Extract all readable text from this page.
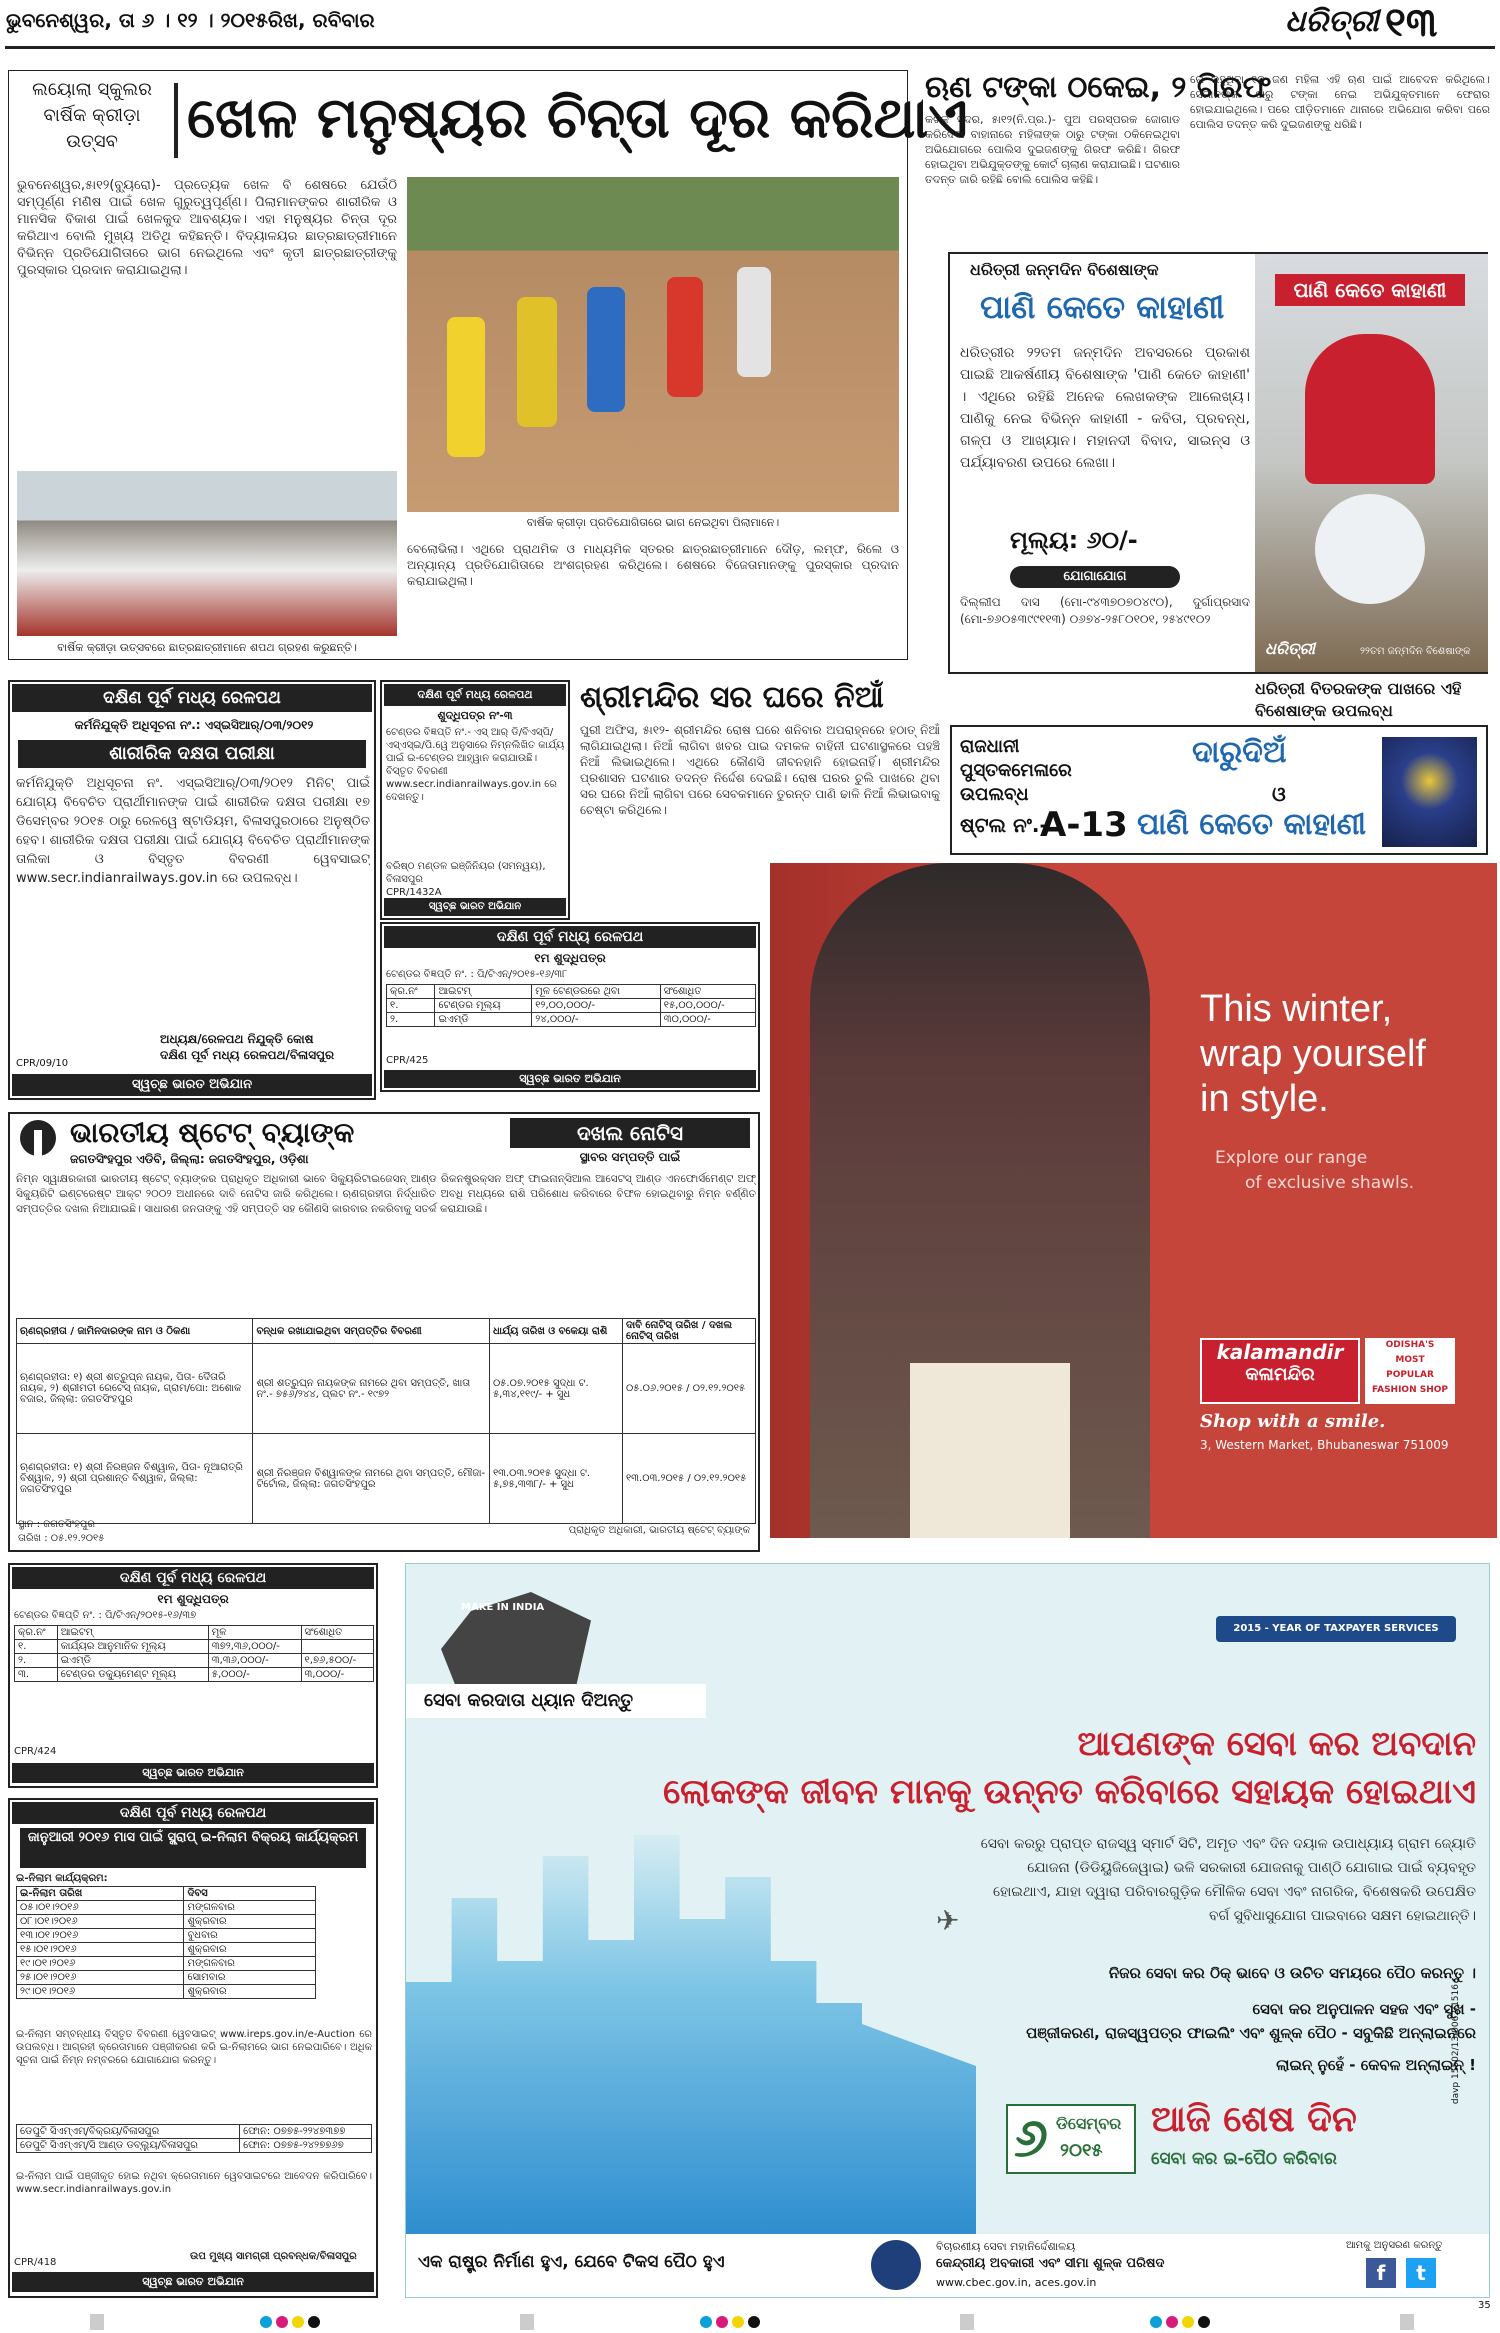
ଭୁବନେଶ୍ୱର, ତା ୬ । ୧୨ । ୨୦୧୫ରିଖ, ରବିବାର	ଧରିତ୍ରୀ ୧୩
ଲୟୋଲା ସ୍କୁଲର ବାର୍ଷିକ କ୍ରୀଡ଼ା ଉତ୍ସବ	ଖେଳ ମନୁଷ୍ୟର ଚିନ୍ତା ଦୂର କରିଥାଏ
ଭୁବନେଶ୍ୱର,୫ା୧୨(ବ୍ୟୁରୋ)- ପ୍ରତ୍ୟେକ ଖେଳ ବି ଶେଷରେ ଯେଉଁଠି ସମ୍ପୂର୍ଣ୍ଣ ମଣିଷ ପାଇଁ ଖେଳ ଗୁରୁତ୍ୱପୂର୍ଣ୍ଣ। ପିଲାମାନଙ୍କର ଶାରୀରିକ ଓ ମାନସିକ ବିକାଶ ପାଇଁ ଖେଳକୁଦ ଆବଶ୍ୟକ। ଏହା ମନୁଷ୍ୟର ଚିନ୍ତା ଦୂର କରିଥାଏ ବୋଲି ମୁଖ୍ୟ ଅତିଥି କହିଛନ୍ତି। ବିଦ୍ୟାଳୟର ଛାତ୍ରଛାତ୍ରୀମାନେ ବିଭିନ୍ନ ପ୍ରତିଯୋଗିତାରେ ଭାଗ ନେଇଥିଲେ ଏବଂ କୃତୀ ଛାତ୍ରଛାତ୍ରୀଙ୍କୁ ପୁରସ୍କାର ପ୍ରଦାନ କରାଯାଇଥିଲା।
ବାର୍ଷିକ କ୍ରୀଡ଼ା ପ୍ରତିଯୋଗିତାରେ ଭାଗ ନେଇଥିବା ପିଲାମାନେ।
ବାର୍ଷିକ କ୍ରୀଡ଼ା ଉତ୍ସବରେ ଛାତ୍ରଛାତ୍ରୀମାନେ ଶପଥ ଗ୍ରହଣ କରୁଛନ୍ତି।
ବେଲୋଭିଲା। ଏଥିରେ ପ୍ରାଥମିକ ଓ ମାଧ୍ୟମିକ ସ୍ତରର ଛାତ୍ରଛାତ୍ରୀମାନେ ଦୌଡ଼, ଲମ୍ଫ, ରିଲେ ଓ ଅନ୍ୟାନ୍ୟ ପ୍ରତିଯୋଗିତାରେ ଅଂଶଗ୍ରହଣ କରିଥିଲେ। ଶେଷରେ ବିଜେତାମାନଙ୍କୁ ପୁରସ୍କାର ପ୍ରଦାନ କରାଯାଇଥିଲା।
ଋଣ ଟଙ୍କା ଠକେଇ, ୨ ଗିରଫ
କଟକ ସଦର, ୫ା୧୨(ନି.ପ୍ର.)- ପୁଅ ପରସ୍ପରକ ଜୋଗାଡ କରିଦେବା ବାହାନାରେ ମହିଳାଙ୍କ ଠାରୁ ଟଙ୍କା ଠକିନେଇଥିବା ଅଭିଯୋଗରେ ପୋଲିସ ଦୁଇଜଣଙ୍କୁ ଗିରଫ କରିଛି। ଗିରଫ ହୋଇଥିବା ଅଭିଯୁକ୍ତଙ୍କୁ କୋର୍ଟ ଚାଲାଣ କରାଯାଇଛି। ଘଟଣାର ତଦନ୍ତ ଜାରି ରହିଛି ବୋଲି ପୋଲିସ କହିଛି।
ରେ ରହୁଥିବା ୧୦ ଜଣ ମହିଳା ଏହି ଋଣ ପାଇଁ ଆବେଦନ କରିଥିଲେ। ସେମାନଙ୍କ ଠାରୁ ଟଙ୍କା ନେଇ ଅଭିଯୁକ୍ତମାନେ ଫେରାର ହୋଇଯାଇଥିଲେ। ପରେ ପୀଡ଼ିତମାନେ ଥାନାରେ ଅଭିଯୋଗ କରିବା ପରେ ପୋଲିସ ତଦନ୍ତ କରି ଦୁଇଜଣଙ୍କୁ ଧରିଛି।
ଧରିତ୍ରୀ ଜନ୍ମଦିନ ବିଶେଷାଙ୍କ
ପାଣି କେତେ କାହାଣୀ
ଧରିତ୍ରୀର ୨୨ତମ ଜନ୍ମଦିନ ଅବସରରେ ପ୍ରକାଶ ପାଇଛି ଆକର୍ଷଣୀୟ ବିଶେଷାଙ୍କ 'ପାଣି କେତେ କାହାଣୀ' । ଏଥିରେ ରହିଛି ଅନେକ ଲେଖକଙ୍କ ଆଲେଖ୍ୟ। ପାଣିକୁ ନେଇ ବିଭିନ୍ନ କାହାଣୀ - କବିତା, ପ୍ରବନ୍ଧ, ଗଳ୍ପ ଓ ଆଖ୍ୟାନ। ମହାନଦୀ ବିବାଦ, ସାଇନ୍ସ ଓ ପର୍ଯ୍ୟାବରଣ ଉପରେ ଲେଖା।
ମୂଲ୍ୟ: ୬୦/-
ଯୋଗାଯୋଗ
ଦିଲ୍ଲୀପ ଦାସ (ମୋ-୯୪୩୭୦୭୦୪୯୦), ଦୁର୍ଗାପ୍ରସାଦ (ମୋ-୭୬୦୫୩୯୯୧୧୩) ୦୬୭୪-୨୫୮୦୧୦୧, ୨୫୪୯୧୦୨
ପାଣି କେତେ କାହାଣୀ
ଧରିତ୍ରୀ	୨୨ତମ ଜନ୍ମଦିନ ବିଶେଷାଙ୍କ
ଧରିତ୍ରୀ ବିତରକଙ୍କ ପାଖରେ ଏହି ବିଶେଷାଙ୍କ ଉପଲବ୍ଧ
ରାଜଧାନୀ ପୁସ୍ତକମେଳାରେ ଉପଲବ୍ଧ
ଷ୍ଟଲ ନଂ.-
A-13
ଦାରୁଦିଅଁ
ଓ
ପାଣି କେତେ କାହାଣୀ
ଦକ୍ଷିଣ ପୂର୍ବ ମଧ୍ୟ ରେଳପଥ
କର୍ମନିଯୁକ୍ତି ଅଧିସୂଚନା ନଂ.: ଏସ୍‌ଇସିଆର୍/୦୩/୨୦୧୨
ଶାରୀରିକ ଦକ୍ଷତା ପରୀକ୍ଷା
କର୍ମନିଯୁକ୍ତି ଅଧିସୂଚନା ନଂ. ଏସ୍‌ଇସିଆର୍/୦୩/୨୦୧୨ ମିନିଟ୍ ପାଇଁ ଯୋଗ୍ୟ ବିବେଚିତ ପ୍ରାର୍ଥୀମାନଙ୍କ ପାଇଁ ଶାରୀରିକ ଦକ୍ଷତା ପରୀକ୍ଷା ୧୭ ଡିସେମ୍ବର ୨୦୧୫ ଠାରୁ ରେଳୱେ ଷ୍ଟାଡିୟମ, ବିଳାସପୁରଠାରେ ଅନୁଷ୍ଠିତ ହେବ। ଶାରୀରିକ ଦକ୍ଷତା ପରୀକ୍ଷା ପାଇଁ ଯୋଗ୍ୟ ବିବେଚିତ ପ୍ରାର୍ଥୀମାନଙ୍କ ତାଲିକା ଓ ବିସ୍ତୃତ ବିବରଣୀ ୱେବସାଇଟ୍ www.secr.indianrailways.gov.in ରେ ଉପଲବ୍ଧ।
ଅଧ୍ୟକ୍ଷ/ରେଳପଥ ନିଯୁକ୍ତି କୋଷ
ଦକ୍ଷିଣ ପୂର୍ବ ମଧ୍ୟ ରେଳପଥ/ବିଳାସପୁର
CPR/09/10
ସ୍ୱଚ୍ଛ ଭାରତ ଅଭିଯାନ
ଦକ୍ଷିଣ ପୂର୍ବ ମଧ୍ୟ ରେଳପଥ
ଶୁଦ୍ଧିପତ୍ର ନଂ-୩
ଟେଣ୍ଡର ବିଜ୍ଞପ୍ତି ନଂ.- ଏସ୍ ଆର୍ ଡି/ବିଏସ୍‌ପି/ଏସ୍‌ଏସ୍‌ଇ/ପି.ୱେ ଅନୁସାରେ ନିମ୍ନଲିଖିତ କାର୍ଯ୍ୟ ପାଇଁ ଇ-ଟେଣ୍ଡର ଆହ୍ୱାନ କରାଯାଉଛି। ବିସ୍ତୃତ ବିବରଣୀ www.secr.indianrailways.gov.in ରେ ଦେଖନ୍ତୁ।
ବରିଷ୍ଠ ମଣ୍ଡଳ ଇଞ୍ଜିନିୟର (ସମନ୍ୱୟ), ବିଳାସପୁର
CPR/1432A
ସ୍ୱଚ୍ଛ ଭାରତ ଅଭିଯାନ
ଶ୍ରୀମନ୍ଦିର ସର ଘରେ ନିଆଁ
ପୁରୀ ଅଫିସ, ୫ା୧୨- ଶ୍ରୀମନ୍ଦିର ରୋଷ ଘରେ ଶନିବାର ଅପରାହ୍ନରେ ହଠାତ୍ ନିଆଁ ଲାଗିଯାଇଥିଲା। ନିଆଁ ଲାଗିବା ଖବର ପାଇ ଦମକଳ ବାହିନୀ ଘଟଣାସ୍ଥଳରେ ପହଞ୍ଚି ନିଆଁ ଲିଭାଇଥିଲେ। ଏଥିରେ କୌଣସି ଜୀବନହାନି ହୋଇନାହିଁ। ଶ୍ରୀମନ୍ଦିର ପ୍ରଶାସନ ଘଟଣାର ତଦନ୍ତ ନିର୍ଦ୍ଦେଶ ଦେଇଛି। ରୋଷ ଘରର ଚୁଲି ପାଖରେ ଥିବା ସର ଘରେ ନିଆଁ ଲାଗିବା ପରେ ସେବକମାନେ ତୁରନ୍ତ ପାଣି ଢାଳି ନିଆଁ ଲିଭାଇବାକୁ ଚେଷ୍ଟା କରିଥିଲେ।
ଦକ୍ଷିଣ ପୂର୍ବ ମଧ୍ୟ ରେଳପଥ
୧ମ ଶୁଦ୍ଧିପତ୍ର
ଟେଣ୍ଡର ବିଜ୍ଞପ୍ତି ନଂ. : ପି/ଟିଏନ୍/୨୦୧୫-୧୬/୩୮
କ୍ର.ନଂ	ଆଇଟମ୍	ମୂଳ ଟେଣ୍ଡରରେ ଥିବା	ସଂଶୋଧିତ
୧.	ଟେଣ୍ଡର ମୂଲ୍ୟ	୧୨,୦୦,୦୦୦/-	୧୫,୦୦,୦୦୦/-
୨.	ଇଏମ୍‌ଡି	୨୪,୦୦୦/-	୩୦,୦୦୦/-
CPR/425
ସ୍ୱଚ୍ଛ ଭାରତ ଅଭିଯାନ
ଭାରତୀୟ ଷ୍ଟେଟ୍ ବ୍ୟାଙ୍କ
ଜଗତସିଂହପୁର ଏଡିବି, ଜିଲ୍ଲା: ଜଗତସିଂହପୁର, ଓଡ଼ିଶା
ଦଖଲ ନୋଟିସ
ସ୍ଥାବର ସମ୍ପତ୍ତି ପାଇଁ
ନିମ୍ନ ସ୍ୱାକ୍ଷରକାରୀ ଭାରତୀୟ ଷ୍ଟେଟ୍ ବ୍ୟାଙ୍କର ପ୍ରାଧିକୃତ ଅଧିକାରୀ ଭାବେ ସିକ୍ୟୁରିଟାଇଜେସନ୍ ଆଣ୍ଡ ରିକନଷ୍ଟ୍ରକ୍ସନ ଅଫ୍ ଫାଇନାନ୍ସିଆଲ ଆସେଟସ୍ ଆଣ୍ଡ ଏନଫୋର୍ସମେଣ୍ଟ ଅଫ୍ ସିକ୍ୟୁରିଟି ଇଣ୍ଟରେଷ୍ଟ ଆକ୍ଟ ୨୦୦୨ ଅଧୀନରେ ଦାବି ନୋଟିସ ଜାରି କରିଥିଲେ। ଋଣଗ୍ରହୀତା ନିର୍ଦ୍ଧାରିତ ଅବଧି ମଧ୍ୟରେ ରାଶି ପରିଶୋଧ କରିବାରେ ବିଫଳ ହୋଇଥିବାରୁ ନିମ୍ନ ବର୍ଣ୍ଣିତ ସମ୍ପତ୍ତିର ଦଖଲ ନିଆଯାଇଛି। ସାଧାରଣ ଜନତାଙ୍କୁ ଏହି ସମ୍ପତ୍ତି ସହ କୌଣସି କାରବାର ନକରିବାକୁ ସତର୍କ କରାଯାଉଛି।
ଋଣଗ୍ରହୀତା / ଜାମିନଦାରଙ୍କ ନାମ ଓ ଠିକଣା	ବନ୍ଧକ ରଖାଯାଇଥିବା ସମ୍ପତ୍ତିର ବିବରଣୀ	ଧାର୍ଯ୍ୟ ତାରିଖ ଓ ବକେୟା ରାଶି	ଦାବି ନୋଟିସ୍ ତାରିଖ / ଦଖଲ ନୋଟିସ୍ ତାରିଖ
ଋଣଗ୍ରହୀତା: ୧) ଶ୍ରୀ ଶତ୍ରୁଘ୍ନ ନାୟକ, ପିତା- ଦୈତାରି ନାୟକ, ୨) ଶ୍ରୀମତୀ ରେଟେସ୍ ନାୟକ, ଗ୍ରାମ/ପୋ: ଅଶୋକ ବଜାର, ଜିଲ୍ଲା: ଜଗତସିଂହପୁର	ଶ୍ରୀ ଶତ୍ରୁଘ୍ନ ନାୟକଙ୍କ ନାମରେ ଥିବା ସମ୍ପତ୍ତି, ଖାତା ନଂ.- ୭୫୬/୨୪୪, ପ୍ଲଟ ନଂ.- ୧୯୭୨	୦୫.୦୭.୨୦୧୫ ସୁଦ୍ଧା ଟ. ୫,୩୪,୧୧୯/- + ସୁଧ	୦୫.୦୬.୨୦୧୫ / ୦୨.୧୨.୨୦୧୫
ଋଣଗ୍ରହୀତା: ୧) ଶ୍ରୀ ନିରଞ୍ଜନ ବିଶ୍ୱାଳ, ପିତା- ନୂଆରାତ୍ରି ବିଶ୍ୱାଳ, ୨) ଶ୍ରୀ ପ୍ରଶାନ୍ତ ବିଶ୍ୱାଳ, ଜିଲ୍ଲା: ଜଗତସିଂହପୁର	ଶ୍ରୀ ନିରଞ୍ଜନ ବିଶ୍ୱାଳଙ୍କ ନାମରେ ଥିବା ସମ୍ପତ୍ତି, ମୌଜା- ଟିର୍ଟୋଲ, ଜିଲ୍ଲା: ଜଗତସିଂହପୁର	୧୩.୦୩.୨୦୧୫ ସୁଦ୍ଧା ଟ. ୫,୭୫,୩୩୮/- + ସୁଧ	୧୩.୦୩.୨୦୧୫ / ୦୨.୧୨.୨୦୧୫
ସ୍ଥାନ : ଜଗତସିଂହପୁର
ତାରିଖ : ୦୫.୧୨.୨୦୧୫
ପ୍ରାଧିକୃତ ଅଧିକାରୀ, ଭାରତୀୟ ଷ୍ଟେଟ୍ ବ୍ୟାଙ୍କ
This winter,
wrap yourself
in style.
Explore our range
of exclusive shawls.
kalamandir
କଳାମନ୍ଦିର
ODISHA'S
MOST
POPULAR
FASHION SHOP
Shop with a smile.
3, Western Market, Bhubaneswar 751009
ଦକ୍ଷିଣ ପୂର୍ବ ମଧ୍ୟ ରେଳପଥ
୧ମ ଶୁଦ୍ଧିପତ୍ର
ଟେଣ୍ଡର ବିଜ୍ଞପ୍ତି ନଂ. : ପି/ଟିଏନ୍/୨୦୧୫-୧୬/୩୭
କ୍ର.ନଂ	ଆଇଟମ୍	ମୂଳ	ସଂଶୋଧିତ
୧.	କାର୍ଯ୍ୟର ଆନୁମାନିକ ମୂଲ୍ୟ	୩୭୨,୩୬,୦୦୦/-	
୨.	ଇଏମ୍‌ଡି	୩,୩୬,୦୦୦/-	୧,୭୬,୫୦୦/-
୩.	ଟେଣ୍ଡର ଡକ୍ୟୁମେଣ୍ଟ ମୂଲ୍ୟ	୫,୦୦୦/-	୩,୦୦୦/-
CPR/424
ସ୍ୱଚ୍ଛ ଭାରତ ଅଭିଯାନ
ଦକ୍ଷିଣ ପୂର୍ବ ମଧ୍ୟ ରେଳପଥ
ଜାନୁଆରୀ ୨୦୧୬ ମାସ ପାଇଁ ସ୍କ୍ରାପ୍ ଇ-ନିଲାମ ବିକ୍ରୟ କାର୍ଯ୍ୟକ୍ରମ
ଇ-ନିଲାମ କାର୍ଯ୍ୟକ୍ରମ:
ଇ-ନିଲାମ ତାରିଖ	ଦିବସ
୦୫।୦୧।୨୦୧୬	ମଙ୍ଗଳବାର
୦୮।୦୧।୨୦୧୬	ଶୁକ୍ରବାର
୧୩।୦୧।୨୦୧୬	ବୁଧବାର
୧୫।୦୧।୨୦୧୬	ଶୁକ୍ରବାର
୧୯।୦୧।୨୦୧୬	ମଙ୍ଗଳବାର
୨୫।୦୧।୨୦୧୬	ସୋମବାର
୨୯।୦୧।୨୦୧୬	ଶୁକ୍ରବାର
ଇ-ନିଲାମ ସମ୍ବନ୍ଧୀୟ ବିସ୍ତୃତ ବିବରଣୀ ୱେବସାଇଟ୍ www.ireps.gov.in/e-Auction ରେ ଉପଲବ୍ଧ। ଆଗ୍ରହୀ କ୍ରେତାମାନେ ପଞ୍ଜୀକରଣ କରି ଇ-ନିଲାମରେ ଭାଗ ନେଇପାରିବେ। ଅଧିକ ସୂଚନା ପାଇଁ ନିମ୍ନ ନମ୍ବରରେ ଯୋଗାଯୋଗ କରନ୍ତୁ।
ଡେପୁଟି ସିଏମ୍‌ଏମ୍/ବିକ୍ରୟ/ବିଳାସପୁର	ଫୋନ: ୦୭୭୫-୨୨୪୭୩୭୭
ଡେପୁଟି ସିଏମ୍‌ଏମ୍/ସି ଆଣ୍ଡ ଡବ୍ଲ୍ୟୁ/ବିଳାସପୁର	ଫୋନ: ୦୭୭୫-୨୪୨୭୭୬୭
ଇ-ନିଲାମ ପାଇଁ ପଞ୍ଜୀକୃତ ହୋଇ ନଥିବା କ୍ରେତାମାନେ ୱେବସାଇଟରେ ଆବେଦନ କରିପାରିବେ। www.secr.indianrailways.gov.in
ଉପ ମୁଖ୍ୟ ସାମଗ୍ରୀ ପ୍ରବନ୍ଧକ/ବିଳାସପୁର
CPR/418
ସ୍ୱଚ୍ଛ ଭାରତ ଅଭିଯାନ
MAKE IN INDIA
2015 - YEAR OF TAXPAYER SERVICES
ସେବା କରଦାତା ଧ୍ୟାନ ଦିଅନ୍ତୁ
ଆପଣଙ୍କ ସେବା କର ଅବଦାନ
ଲୋକଙ୍କ ଜୀବନ ମାନକୁ ଉନ୍ନତ କରିବାରେ ସହାୟକ ହୋଇଥାଏ
✈
ସେବା କରରୁ ପ୍ରାପ୍ତ ରାଜସ୍ୱ ସ୍ମାର୍ଟ ସିଟି, ଅମୃତ ଏବଂ ଦିନ ଦୟାଳ ଉପାଧ୍ୟାୟ ଗ୍ରାମ ଜ୍ୟୋତି ଯୋଜନା (ଡିଡିୟୁଜିଜେୱାଇ) ଭଳି ସରକାରୀ ଯୋଜନାକୁ ପାଣ୍ଠି ଯୋଗାଇ ପାଇଁ ବ୍ୟବହୃତ ହୋଇଥାଏ, ଯାହା ଦ୍ୱାରା ପରିବାରଗୁଡ଼ିକ ମୌଳିକ ସେବା ଏବଂ ନାଗରିକ, ବିଶେଷକରି ଉପେକ୍ଷିତ ବର୍ଗ ସୁବିଧାସୁଯୋଗ ପାଇବାରେ ସକ୍ଷମ ହୋଇଥାନ୍ତି।
ନିଜର ସେବା କର ଠିକ୍ ଭାବେ ଓ ଉଚିତ ସମୟରେ ପୈଠ କରନ୍ତୁ ।
ସେବା କର ଅନୁପାଳନ ସହଜ ଏବଂ ସୁଖ -
ପଞ୍ଜୀକରଣ, ରାଜସ୍ୱପତ୍ର ଫାଇଲିଂ ଏବଂ ଶୁଳ୍କ ପୈଠ - ସବୁକିଛି ଅନ୍‌ଲାଇନରେ
ଲାଇନ୍ ନୁହେଁ - କେବଳ ଅନ୍‌ଲାଇନ୍ !
୬ ଡିସେମ୍ବର
୨୦୧୫
ଆଜି ଶେଷ ଦିନ
ସେବା କର ଇ-ପୈଠ କରିବାର
davp 15502/13/0062/1516
ଏକ ରାଷ୍ଟ୍ର ନିର୍ମାଣ ହୁଏ, ଯେବେ ଟିକସ ପୈଠ ହୁଏ
ବିଚାରଣୀୟ ସେବା ମହାନିର୍ଦ୍ଦେଶାଳୟ
କେନ୍ଦ୍ରୀୟ ଅବକାରୀ ଏବଂ ସୀମା ଶୁଳ୍କ ପରିଷଦ
www.cbec.gov.in, aces.gov.in
ଆମକୁ ଅନୁସରଣ କରନ୍ତୁ
f	t
35
